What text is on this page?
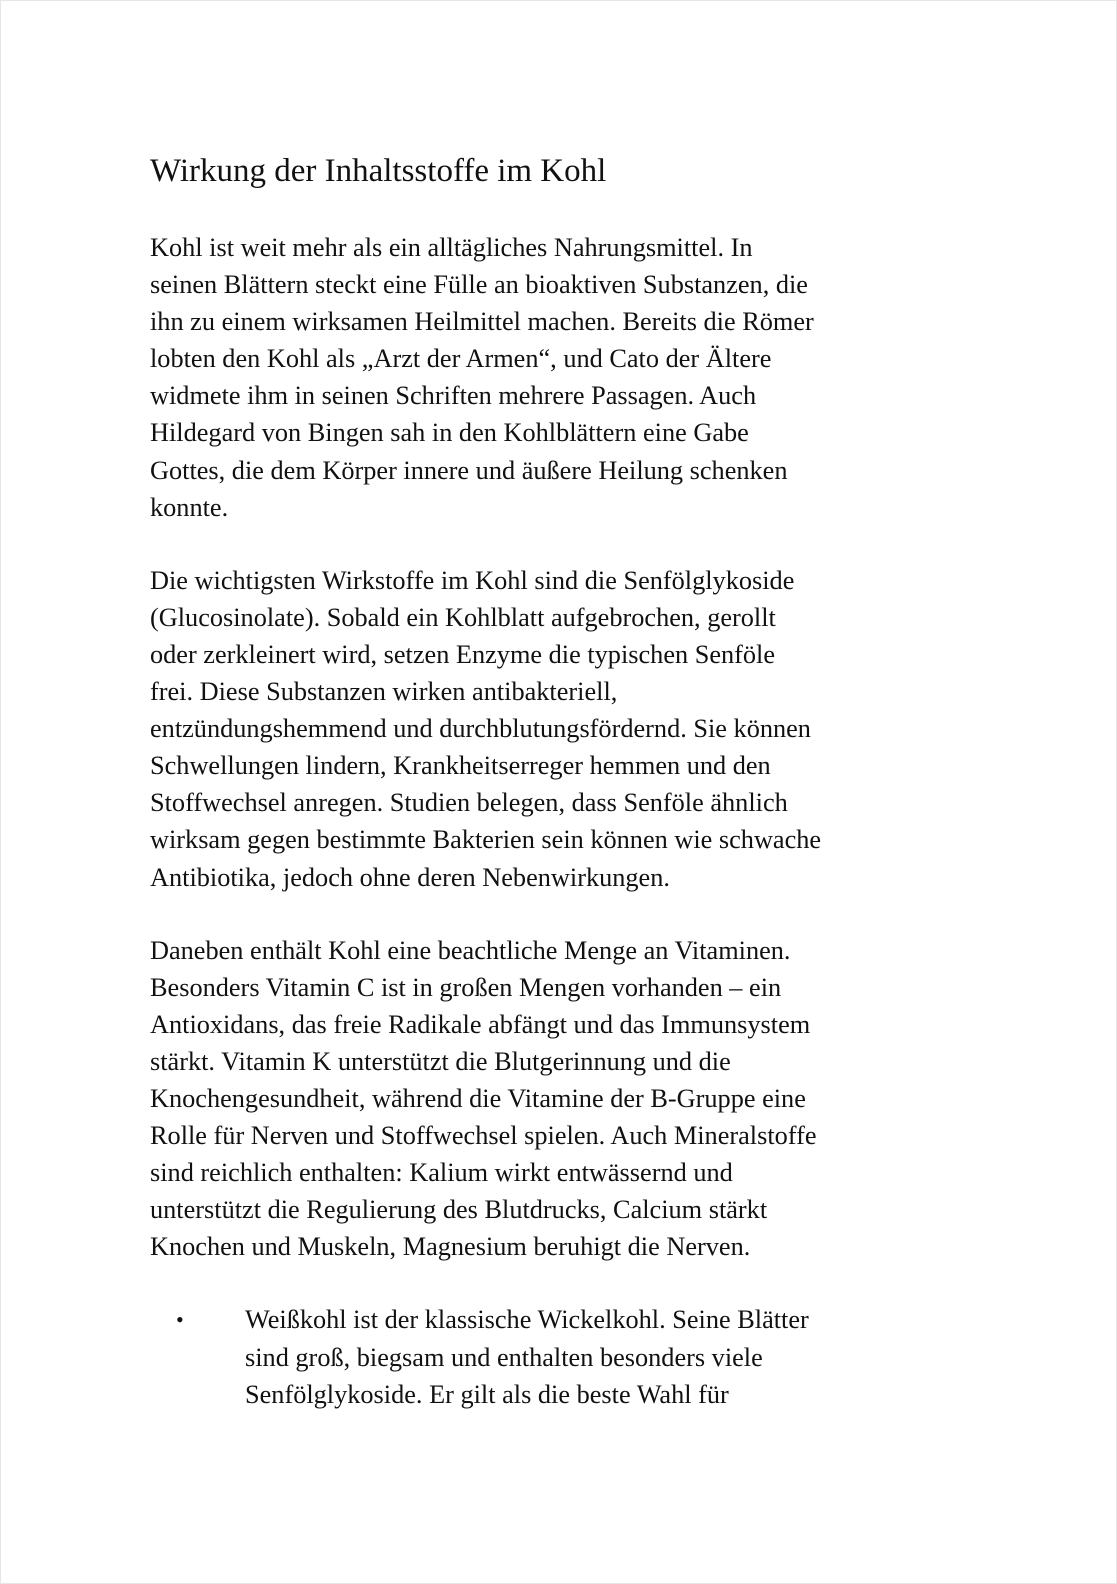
Wirkung der Inhaltsstoffe im Kohl
Kohl ist weit mehr als ein alltägliches Nahrungsmittel. In
seinen Blättern steckt eine Fülle an bioaktiven Substanzen, die
ihn zu einem wirksamen Heilmittel machen. Bereits die Römer
lobten den Kohl als „Arzt der Armen“, und Cato der Ältere
widmete ihm in seinen Schriften mehrere Passagen. Auch
Hildegard von Bingen sah in den Kohlblättern eine Gabe
Gottes, die dem Körper innere und äußere Heilung schenken
konnte.
Die wichtigsten Wirkstoffe im Kohl sind die Senfölglykoside
(Glucosinolate). Sobald ein Kohlblatt aufgebrochen, gerollt
oder zerkleinert wird, setzen Enzyme die typischen Senföle
frei. Diese Substanzen wirken antibakteriell,
entzündungshemmend und durchblutungsfördernd. Sie können
Schwellungen lindern, Krankheitserreger hemmen und den
Stoffwechsel anregen. Studien belegen, dass Senföle ähnlich
wirksam gegen bestimmte Bakterien sein können wie schwache
Antibiotika, jedoch ohne deren Nebenwirkungen.
Daneben enthält Kohl eine beachtliche Menge an Vitaminen.
Besonders Vitamin C ist in großen Mengen vorhanden – ein
Antioxidans, das freie Radikale abfängt und das Immunsystem
stärkt. Vitamin K unterstützt die Blutgerinnung und die
Knochengesundheit, während die Vitamine der B-Gruppe eine
Rolle für Nerven und Stoffwechsel spielen. Auch Mineralstoffe
sind reichlich enthalten: Kalium wirkt entwässernd und
unterstützt die Regulierung des Blutdrucks, Calcium stärkt
Knochen und Muskeln, Magnesium beruhigt die Nerven.
•	Weißkohl ist der klassische Wickelkohl. Seine Blätter
sind groß, biegsam und enthalten besonders viele
Senfölglykoside. Er gilt als die beste Wahl für
